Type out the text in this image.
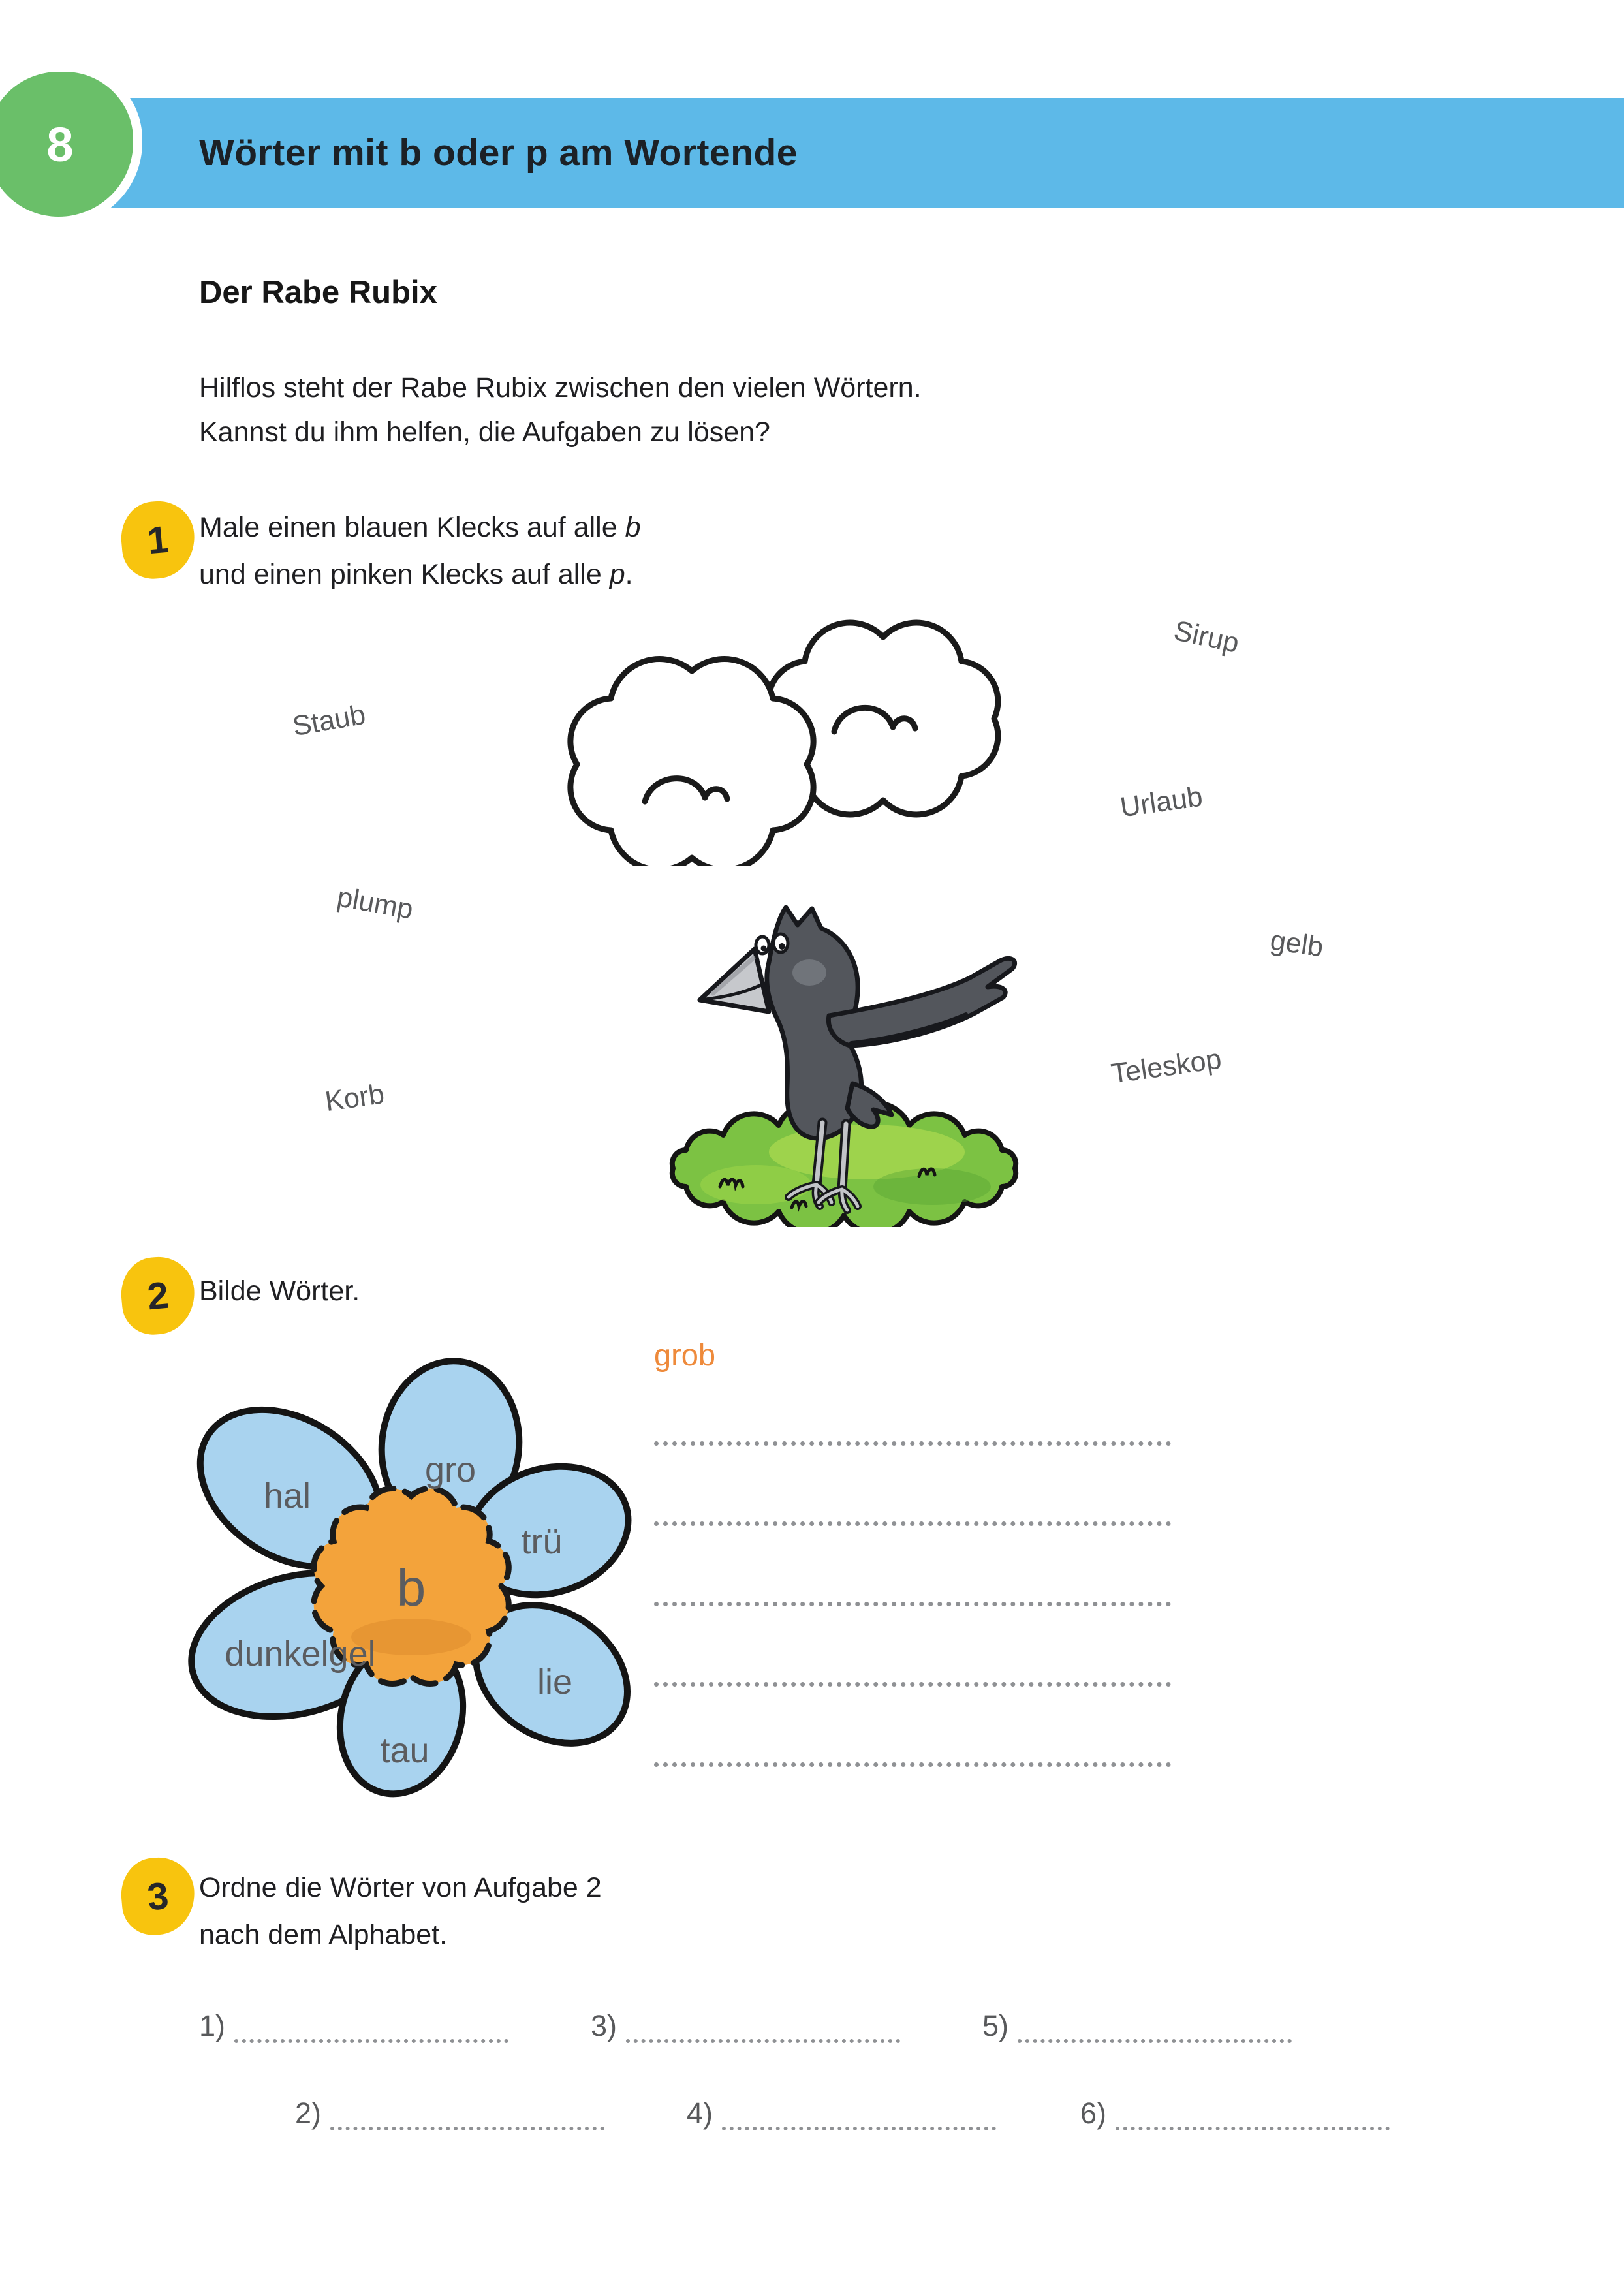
Wörter mit b oder p am Wortende
8
Der Rabe Rubix
Hilflos steht der Rabe Rubix zwischen den vielen Wörtern.
Kannst du ihm helfen, die Aufgaben zu lösen?
1 Male einen blauen Klecks auf alle b
und einen pinken Klecks auf alle p.
Staub
Sirup
Urlaub
plump
gelb
Korb
Teleskop
2 Bilde Wörter.
grob
gro
hal
trü
dunkelgel
tau
lie
b
3 Ordne die Wörter von Aufgabe 2
nach dem Alphabet.
1)
2)
3)
4)
5)
6)
